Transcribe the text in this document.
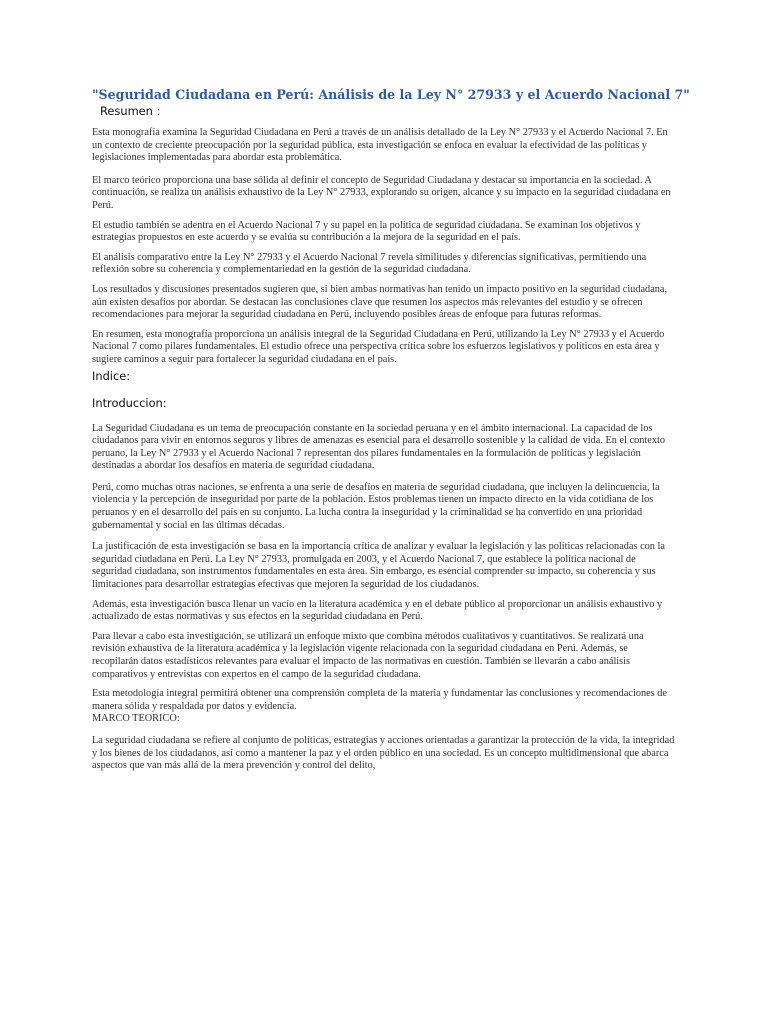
"Seguridad Ciudadana en Perú: Análisis de la Ley N° 27933 y el Acuerdo Nacional 7"
Resumen :

Esta monografía examina la Seguridad Ciudadana en Perú a través de un análisis detallado de la Ley N° 27933 y el Acuerdo Nacional 7. En un contexto de creciente preocupación por la seguridad pública, esta investigación se enfoca en evaluar la efectividad de las políticas y legislaciones implementadas para abordar esta problemática.

El marco teórico proporciona una base sólida al definir el concepto de Seguridad Ciudadana y destacar su importancia en la sociedad. A continuación, se realiza un análisis exhaustivo de la Ley N° 27933, explorando su origen, alcance y su impacto en la seguridad ciudadana en Perú.

El estudio también se adentra en el Acuerdo Nacional 7 y su papel en la política de seguridad ciudadana. Se examinan los objetivos y estrategias propuestos en este acuerdo y se evalúa su contribución a la mejora de la seguridad en el país.

El análisis comparativo entre la Ley N° 27933 y el Acuerdo Nacional 7 revela similitudes y diferencias significativas, permitiendo una reflexión sobre su coherencia y complementariedad en la gestión de la seguridad ciudadana.

Los resultados y discusiones presentados sugieren que, si bien ambas normativas han tenido un impacto positivo en la seguridad ciudadana, aún existen desafíos por abordar. Se destacan las conclusiones clave que resumen los aspectos más relevantes del estudio y se ofrecen recomendaciones para mejorar la seguridad ciudadana en Perú, incluyendo posibles áreas de enfoque para futuras reformas.

En resumen, esta monografía proporciona un análisis integral de la Seguridad Ciudadana en Perú, utilizando la Ley N° 27933 y el Acuerdo Nacional 7 como pilares fundamentales. El estudio ofrece una perspectiva crítica sobre los esfuerzos legislativos y políticos en esta área y sugiere caminos a seguir para fortalecer la seguridad ciudadana en el país.

Indice:
Introduccion:

La Seguridad Ciudadana es un tema de preocupación constante en la sociedad peruana y en el ámbito internacional. La capacidad de los ciudadanos para vivir en entornos seguros y libres de amenazas es esencial para el desarrollo sostenible y la calidad de vida. En el contexto peruano, la Ley N° 27933 y el Acuerdo Nacional 7 representan dos pilares fundamentales en la formulación de políticas y legislación destinadas a abordar los desafíos en materia de seguridad ciudadana.

Perú, como muchas otras naciones, se enfrenta a una serie de desafíos en materia de seguridad ciudadana, que incluyen la delincuencia, la violencia y la percepción de inseguridad por parte de la población. Estos problemas tienen un impacto directo en la vida cotidiana de los peruanos y en el desarrollo del país en su conjunto. La lucha contra la inseguridad y la criminalidad se ha convertido en una prioridad gubernamental y social en las últimas décadas.

La justificación de esta investigación se basa en la importancia crítica de analizar y evaluar la legislación y las políticas relacionadas con la seguridad ciudadana en Perú. La Ley N° 27933, promulgada en 2003, y el Acuerdo Nacional 7, que establece la política nacional de seguridad ciudadana, son instrumentos fundamentales en esta área. Sin embargo, es esencial comprender su impacto, su coherencia y sus limitaciones para desarrollar estrategias efectivas que mejoren la seguridad de los ciudadanos.

Además, esta investigación busca llenar un vacío en la literatura académica y en el debate público al proporcionar un análisis exhaustivo y actualizado de estas normativas y sus efectos en la seguridad ciudadana en Perú.

Para llevar a cabo esta investigación, se utilizará un enfoque mixto que combina métodos cualitativos y cuantitativos. Se realizará una revisión exhaustiva de la literatura académica y la legislación vigente relacionada con la seguridad ciudadana en Perú. Además, se recopilarán datos estadísticos relevantes para evaluar el impacto de las normativas en cuestión. También se llevarán a cabo análisis comparativos y entrevistas con expertos en el campo de la seguridad ciudadana.

Esta metodología integral permitirá obtener una comprensión completa de la materia y fundamentar las conclusiones y recomendaciones de manera sólida y respaldada por datos y evidencia.

MARCO TEORICO:

La seguridad ciudadana se refiere al conjunto de políticas, estrategias y acciones orientadas a garantizar la protección de la vida, la integridad y los bienes de los ciudadanos, así como a mantener la paz y el orden público en una sociedad. Es un concepto multidimensional que abarca aspectos que van más allá de la mera prevención y control del delito,
